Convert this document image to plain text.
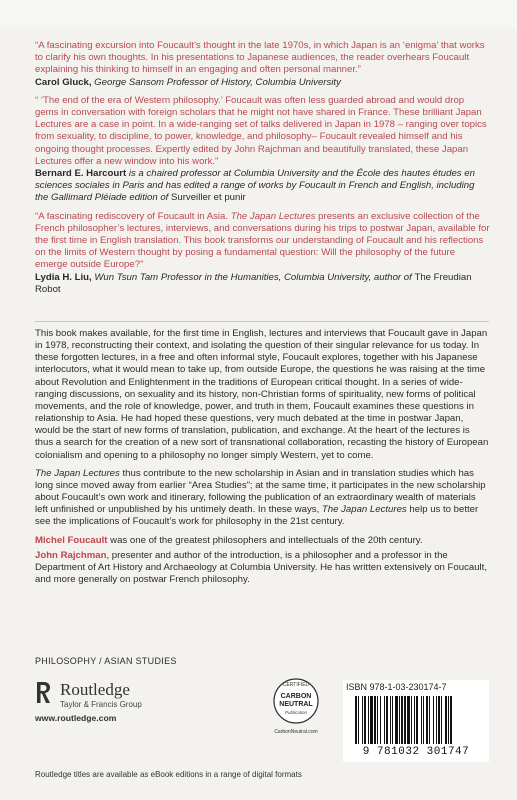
“A fascinating excursion into Foucault’s thought in the late 1970s, in which Japan is an ‘enigma’ that works to clarify his own thoughts. In his presentations to Japanese audiences, the reader overhears Foucault explaining his thinking to himself in an engaging and often personal manner.”
Carol Gluck, George Sansom Professor of History, Columbia University
“ ‘The end of the era of Western philosophy.’ Foucault was often less guarded abroad and would drop gems in conversation with foreign scholars that he might not have shared in France. These brilliant Japan Lectures are a case in point. In a wide-ranging set of talks delivered in Japan in 1978 – ranging over topics from sexuality, to discipline, to power, knowledge, and philosophy– Foucault revealed himself and his ongoing thought processes. Expertly edited by John Rajchman and beautifully translated, these Japan Lectures offer a new window into his work.”
Bernard E. Harcourt is a chaired professor at Columbia University and the École des hautes études en sciences sociales in Paris and has edited a range of works by Foucault in French and English, including the Gallimard Pléiade edition of Surveiller et punir
“A fascinating rediscovery of Foucault in Asia. The Japan Lectures presents an exclusive collection of the French philosopher’s lectures, interviews, and conversations during his trips to postwar Japan, available for the first time in English translation. This book transforms our understanding of Foucault and his reflections on the limits of Western thought by posing a fundamental question: Will the philosophy of the future emerge outside Europe?”
Lydia H. Liu, Wun Tsun Tam Professor in the Humanities, Columbia University, author of The Freudian Robot

This book makes available, for the first time in English, lectures and interviews that Foucault gave in Japan in 1978, reconstructing their context, and isolating the question of their singular relevance for us today. In these forgotten lectures, in a free and often informal style, Foucault explores, together with his Japanese interlocutors, what it would mean to take up, from outside Europe, the questions he was raising at the time about Revolution and Enlightenment in the traditions of European critical thought. In a series of wide-ranging discussions, on sexuality and its history, non-Christian forms of spirituality, new forms of political movements, and the role of knowledge, power, and truth in them, Foucault examines these questions in relationship to Asia. He had hoped these questions, very much debated at the time in postwar Japan, would be the start of new forms of translation, publication, and exchange. At the heart of the lectures is thus a search for the creation of a new sort of transnational collaboration, recasting the history of European colonialism and opening to a philosophy no longer simply Western, yet to come.

The Japan Lectures thus contribute to the new scholarship in Asian and in translation studies which has long since moved away from earlier “Area Studies”; at the same time, it participates in the new scholarship about Foucault’s own work and itinerary, following the publication of an extraordinary wealth of materials left unfinished or unpublished by his untimely death. In these ways, The Japan Lectures help us to better see the implications of Foucault’s work for philosophy in the 21st century.

Michel Foucault was one of the greatest philosophers and intellectuals of the 20th century.

John Rajchman, presenter and author of the introduction, is a philosopher and a professor in the Department of Art History and Archaeology at Columbia University. He has written extensively on Foucault, and more generally on postwar French philosophy.

PHILOSOPHY / ASIAN STUDIES
Routledge
Taylor & Francis Group
www.routledge.com
CERTIFIED
CARBON
NEUTRAL
Publication
CarbonNeutral.com
ISBN 978-1-03-230174-7
9 781032 301747
Routledge titles are available as eBook editions in a range of digital formats
